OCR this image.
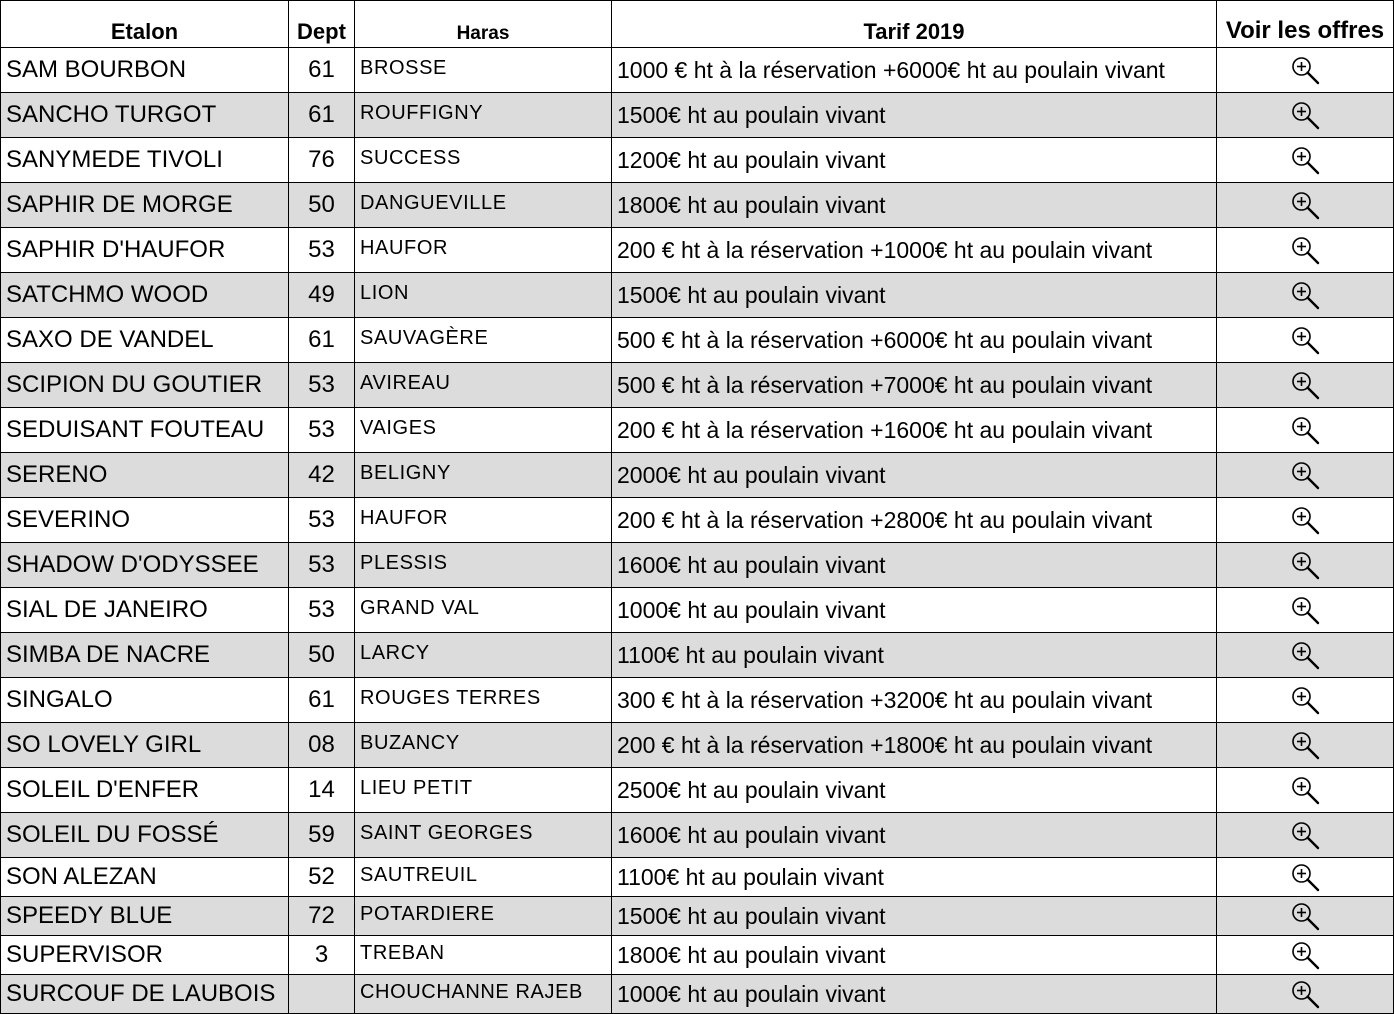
Etalon	Dept	Haras	Tarif 2019	Voir les offres
SAM BOURBON	61	BROSSE	1000 € ht à la réservation +6000€ ht au poulain vivant	
SANCHO TURGOT	61	ROUFFIGNY	1500€ ht au poulain vivant	
SANYMEDE TIVOLI	76	SUCCESS	1200€ ht au poulain vivant	
SAPHIR DE MORGE	50	DANGUEVILLE	1800€ ht au poulain vivant	
SAPHIR D'HAUFOR	53	HAUFOR	200 € ht à la réservation +1000€ ht au poulain vivant	
SATCHMO WOOD	49	LION	1500€ ht au poulain vivant	
SAXO DE VANDEL	61	SAUVAGÈRE	500 € ht à la réservation +6000€ ht au poulain vivant	
SCIPION DU GOUTIER	53	AVIREAU	500 € ht à la réservation +7000€ ht au poulain vivant	
SEDUISANT FOUTEAU	53	VAIGES	200 € ht à la réservation +1600€ ht au poulain vivant	
SERENO	42	BELIGNY	2000€ ht au poulain vivant	
SEVERINO	53	HAUFOR	200 € ht à la réservation +2800€ ht au poulain vivant	
SHADOW D'ODYSSEE	53	PLESSIS	1600€ ht au poulain vivant	
SIAL DE JANEIRO	53	GRAND VAL	1000€ ht au poulain vivant	
SIMBA DE NACRE	50	LARCY	1100€ ht au poulain vivant	
SINGALO	61	ROUGES TERRES	300 € ht à la réservation +3200€ ht au poulain vivant	
SO LOVELY GIRL	08	BUZANCY	200 € ht à la réservation +1800€ ht au poulain vivant	
SOLEIL D'ENFER	14	LIEU PETIT	2500€ ht au poulain vivant	
SOLEIL DU FOSSÉ	59	SAINT GEORGES	1600€ ht au poulain vivant	
SON ALEZAN	52	SAUTREUIL	1100€ ht au poulain vivant	
SPEEDY BLUE	72	POTARDIERE	1500€ ht au poulain vivant	
SUPERVISOR	3	TREBAN	1800€ ht au poulain vivant	
SURCOUF DE LAUBOIS		CHOUCHANNE RAJEB	1000€ ht au poulain vivant	
